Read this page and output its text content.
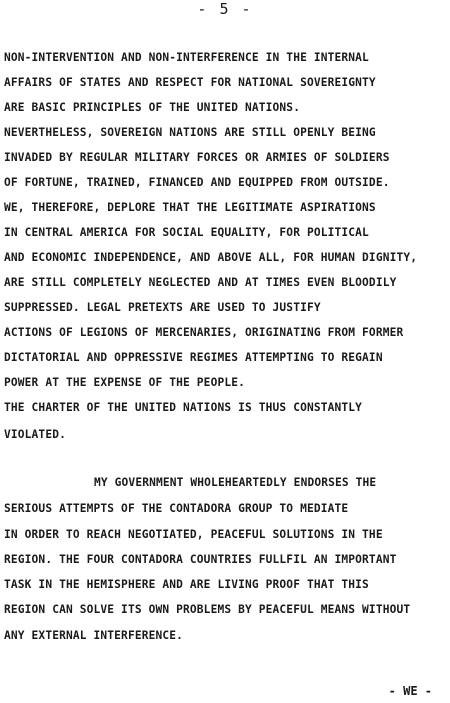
- 5 -
NON-INTERVENTION AND NON-INTERFERENCE IN THE INTERNAL
AFFAIRS OF STATES AND RESPECT FOR NATIONAL SOVEREIGNTY
ARE BASIC PRINCIPLES OF THE UNITED NATIONS.
NEVERTHELESS, SOVEREIGN NATIONS ARE STILL OPENLY BEING
INVADED BY REGULAR MILITARY FORCES OR ARMIES OF SOLDIERS
OF FORTUNE, TRAINED, FINANCED AND EQUIPPED FROM OUTSIDE.
WE, THEREFORE, DEPLORE THAT THE LEGITIMATE ASPIRATIONS
IN CENTRAL AMERICA FOR SOCIAL EQUALITY, FOR POLITICAL
AND ECONOMIC INDEPENDENCE, AND ABOVE ALL, FOR HUMAN DIGNITY,
ARE STILL COMPLETELY NEGLECTED AND AT TIMES EVEN BLOODILY
SUPPRESSED. LEGAL PRETEXTS ARE USED TO JUSTIFY
ACTIONS OF LEGIONS OF MERCENARIES, ORIGINATING FROM FORMER
DICTATORIAL AND OPPRESSIVE REGIMES ATTEMPTING TO REGAIN
POWER AT THE EXPENSE OF THE PEOPLE.
THE CHARTER OF THE UNITED NATIONS IS THUS CONSTANTLY
VIOLATED.
MY GOVERNMENT WHOLEHEARTEDLY ENDORSES THE
SERIOUS ATTEMPTS OF THE CONTADORA GROUP TO MEDIATE
IN ORDER TO REACH NEGOTIATED, PEACEFUL SOLUTIONS IN THE
REGION. THE FOUR CONTADORA COUNTRIES FULLFIL AN IMPORTANT
TASK IN THE HEMISPHERE AND ARE LIVING PROOF THAT THIS
REGION CAN SOLVE ITS OWN PROBLEMS BY PEACEFUL MEANS WITHOUT
ANY EXTERNAL INTERFERENCE.
- WE -
